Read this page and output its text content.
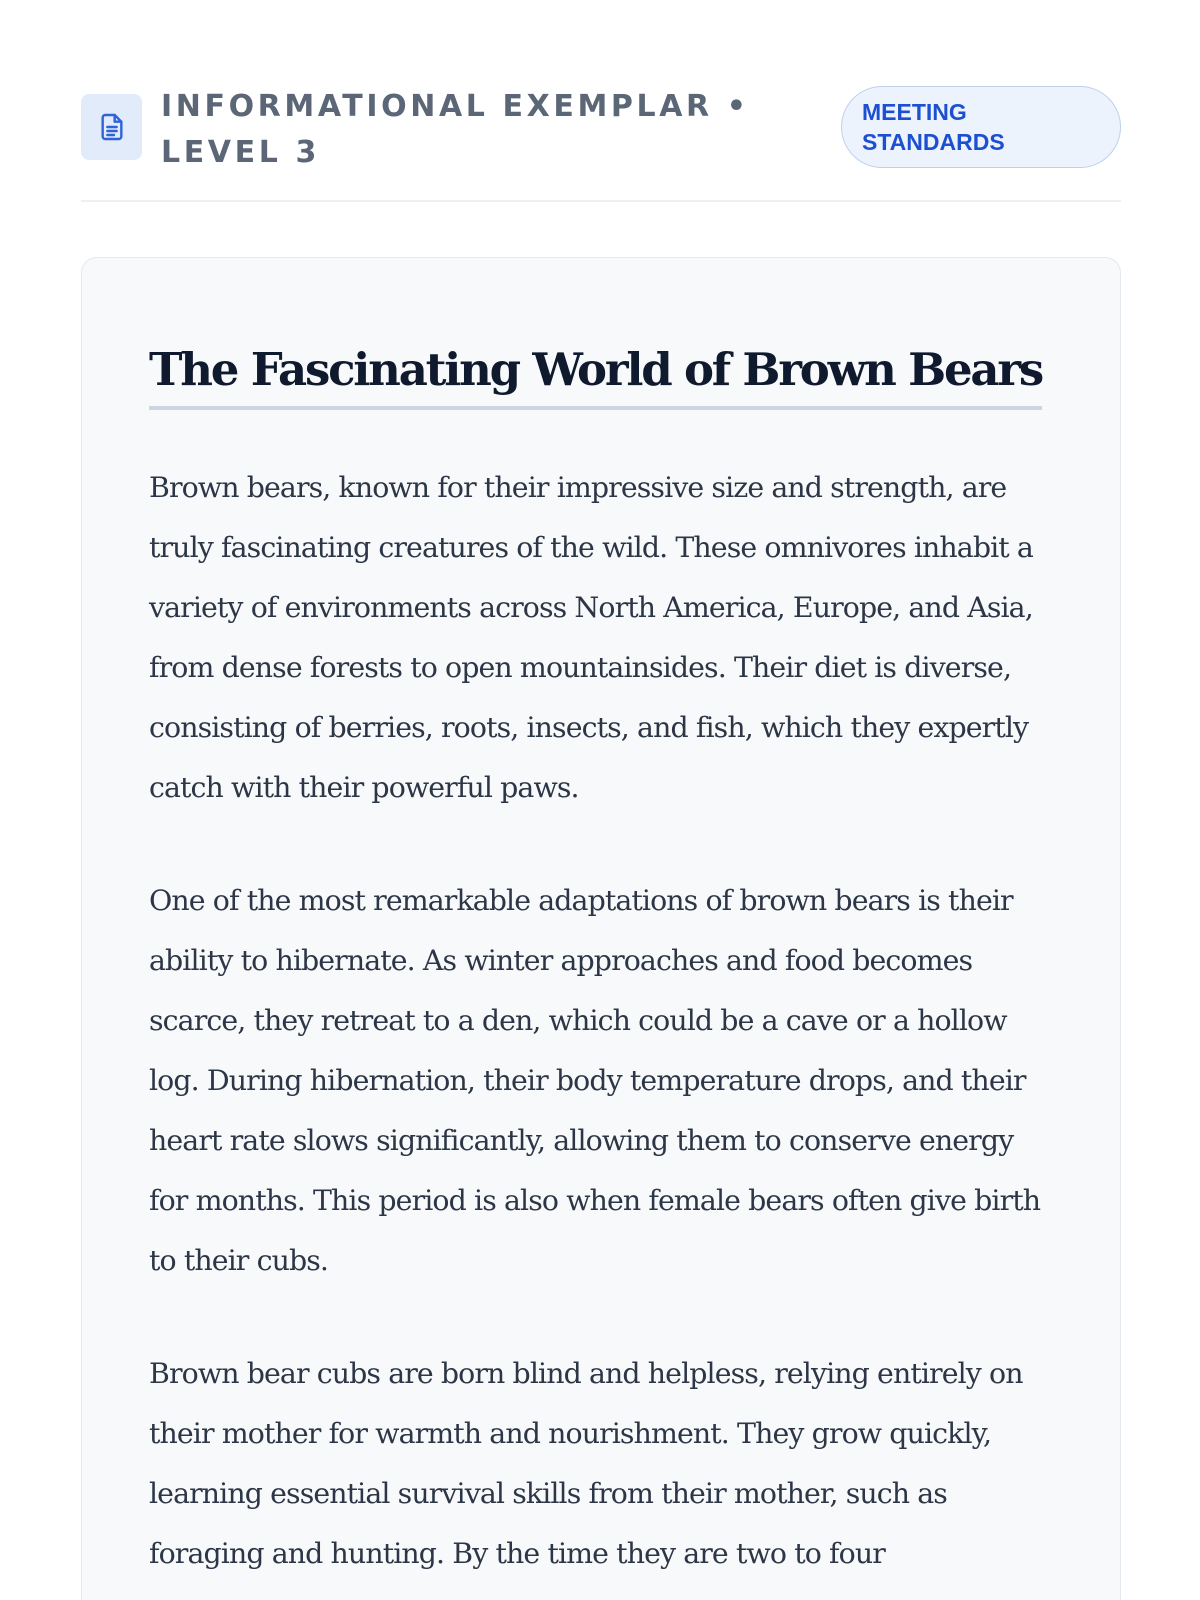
INFORMATIONAL EXEMPLAR • LEVEL 3
MEETING STANDARDS
The Fascinating World of Brown Bears

Brown bears, known for their impressive size and strength, are truly fascinating creatures of the wild. These omnivores inhabit a variety of environments across North America, Europe, and Asia, from dense forests to open mountainsides. Their diet is diverse, consisting of berries, roots, insects, and fish, which they expertly catch with their powerful paws.

One of the most remarkable adaptations of brown bears is their ability to hibernate. As winter approaches and food becomes scarce, they retreat to a den, which could be a cave or a hollow log. During hibernation, their body temperature drops, and their heart rate slows significantly, allowing them to conserve energy for months. This period is also when female bears often give birth to their cubs.

Brown bear cubs are born blind and helpless, relying entirely on their mother for warmth and nourishment. They grow quickly, learning essential survival skills from their mother, such as foraging and hunting. By the time they are two to four
